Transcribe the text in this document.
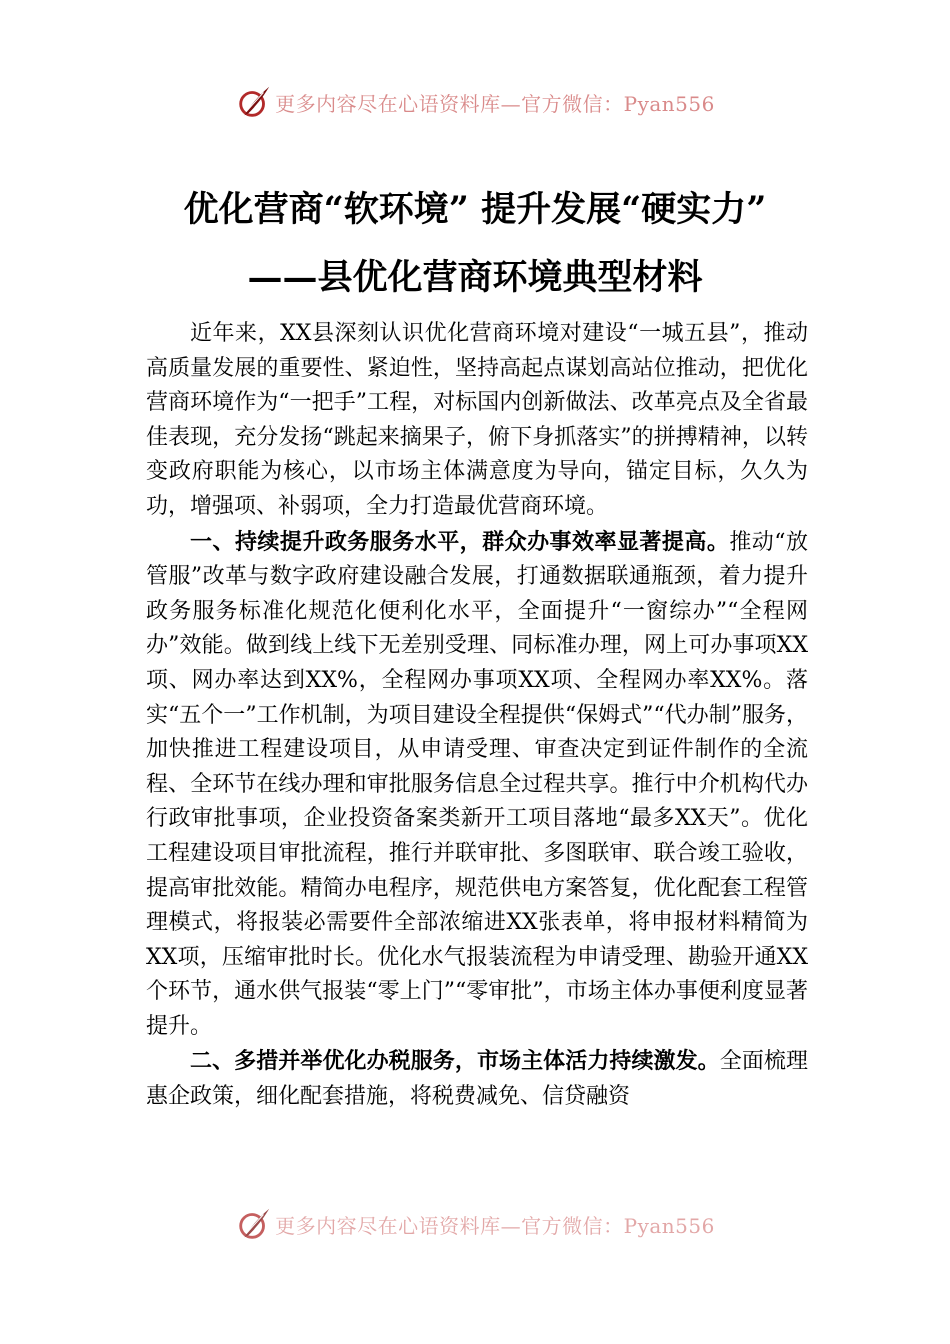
更多内容尽在心语资料库—官方微信：Pyan556
优化营商“软环境” 提升发展“硬实力”
——县优化营商环境典型材料

近年来，XX县深刻认识优化营商环境对建设“一城五县”，推动高质量发展的重要性、紧迫性，坚持高起点谋划高站位推动，把优化营商环境作为“一把手”工程，对标国内创新做法、改革亮点及全省最佳表现，充分发扬“跳起来摘果子，俯下身抓落实”的拼搏精神，以转变政府职能为核心，以市场主体满意度为导向，锚定目标，久久为功，增强项、补弱项，全力打造最优营商环境。

一、持续提升政务服务水平，群众办事效率显著提高。推动“放管服”改革与数字政府建设融合发展，打通数据联通瓶颈，着力提升政务服务标准化规范化便利化水平，全面提升“一窗综办”“全程网办”效能。做到线上线下无差别受理、同标准办理，网上可办事项XX项、网办率达到XX%，全程网办事项XX项、全程网办率XX%。落实“五个一”工作机制，为项目建设全程提供“保姆式”“代办制”服务，加快推进工程建设项目，从申请受理、审查决定到证件制作的全流程、全环节在线办理和审批服务信息全过程共享。推行中介机构代办行政审批事项，企业投资备案类新开工项目落地“最多XX天”。优化工程建设项目审批流程，推行并联审批、多图联审、联合竣工验收，提高审批效能。精简办电程序，规范供电方案答复，优化配套工程管理模式，将报装必需要件全部浓缩进XX张表单，将申报材料精简为XX项，压缩审批时长。优化水气报装流程为申请受理、勘验开通XX个环节，通水供气报装“零上门”“零审批”，市场主体办事便利度显著提升。

二、多措并举优化办税服务，市场主体活力持续激发。全面梳理惠企政策，细化配套措施，将税费减免、信贷融资

更多内容尽在心语资料库—官方微信：Pyan556
